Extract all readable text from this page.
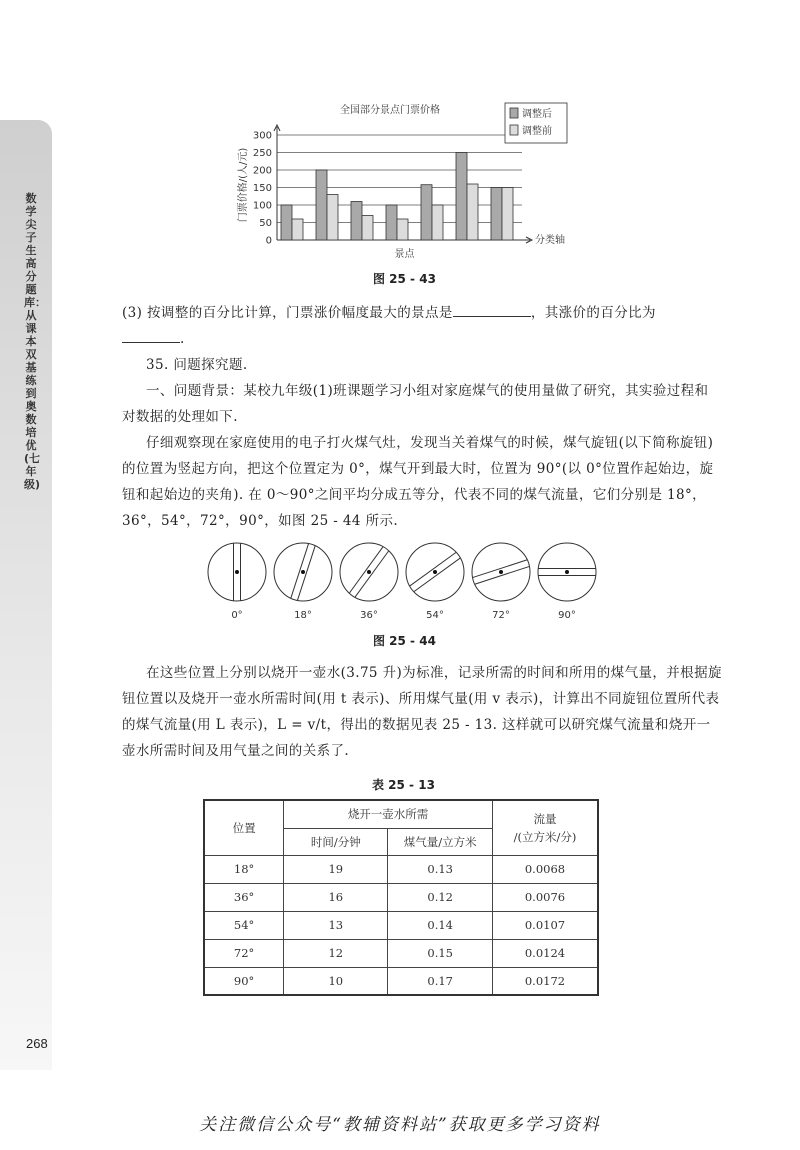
数学尖子生高分题库：从课本双基练到奥数培优(七年级)
268
全国部分景点门票价格
门票价格/(人/元)
0
50
100
150
200
250
300
景点
分类轴
调整后
调整前
图 25 - 43
(3) 按调整的百分比计算，门票涨价幅度最大的景点是	，其涨价的百分比为
.
35. 问题探究题.
一、问题背景：某校九年级(1)班课题学习小组对家庭煤气的使用量做了研究，其实验过程和对数据的处理如下.
仔细观察现在家庭使用的电子打火煤气灶，发现当关着煤气的时候，煤气旋钮(以下简称旋钮)的位置为竖起方向，把这个位置定为 0°，煤气开到最大时，位置为 90°(以 0°位置作起始边，旋钮和起始边的夹角). 在 0～90°之间平均分成五等分，代表不同的煤气流量，它们分别是 18°，36°，54°，72°，90°，如图 25 - 44 所示.
0°	18°	36°	54°	72°	90°
图 25 - 44
在这些位置上分别以烧开一壶水(3.75 升)为标准，记录所需的时间和所用的煤气量，并根据旋钮位置以及烧开一壶水所需时间(用 t 表示)、所用煤气量(用 v 表示)，计算出不同旋钮位置所代表的煤气流量(用 L 表示)，L = v/t，得出的数据见表 25 - 13. 这样就可以研究煤气流量和烧开一壶水所需时间及用气量之间的关系了.
表 25 - 13
位置	烧开一壶水所需		流量
/(立方米/分)
	时间/分钟	煤气量/立方米	
18°	19	0.13	0.0068
36°	16	0.12	0.0076
54°	13	0.14	0.0107
72°	12	0.15	0.0124
90°	10	0.17	0.0172
关注微信公众号“教辅资料站”获取更多学习资料
